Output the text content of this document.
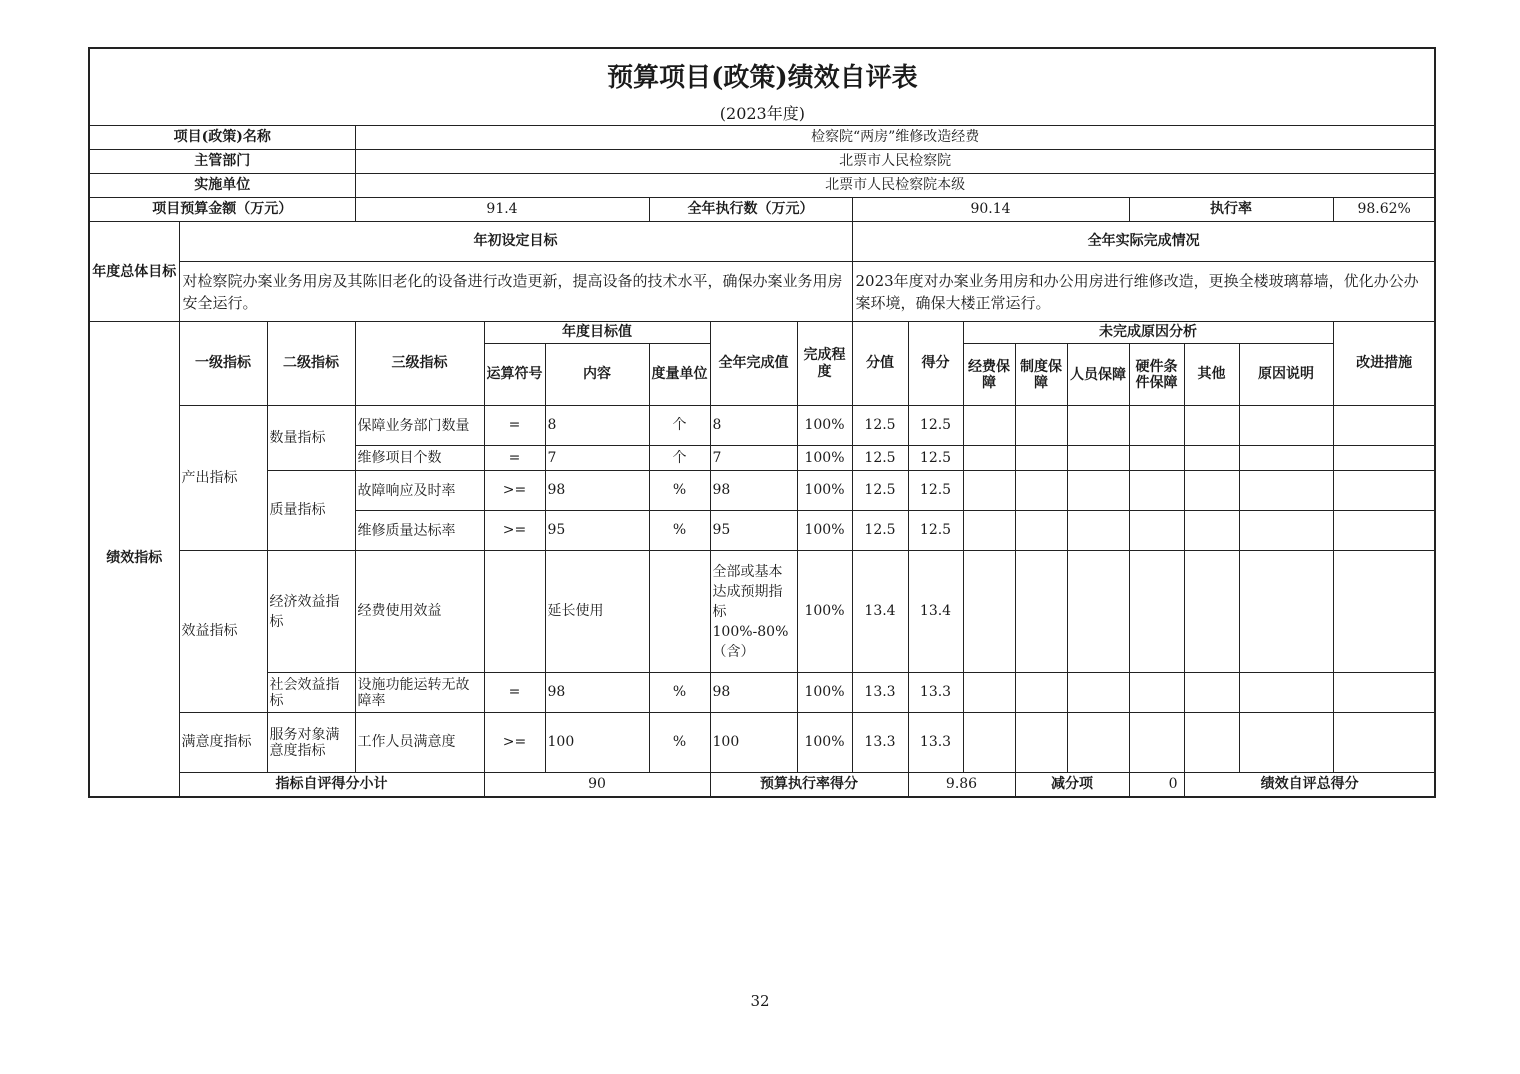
预算项目(政策)绩效自评表																		
(2023年度)																		
项目(政策)名称			检察院“两房”维修改造经费															
主管部门			北票市人民检察院															
实施单位			北票市人民检察院本级															
项目预算金额（万元）			91.4			全年执行数（万元）			90.14					执行率			98.62%	
年度总体目标	年初设定目标								全年实际完成情况									
	对检察院办案业务用房及其陈旧老化的设备进行改造更新，提高设备的技术水平，确保办案业务用房安全运行。								2023年度对办案业务用房和办公用房进行维修改造，更换全楼玻璃幕墙，优化办公办案环境，确保大楼正常运行。									
绩效指标	一级指标	二级指标	三级指标	年度目标值			全年完成值	完成程度	分值	得分	未完成原因分析						改进措施	
				运算符号	内容	度量单位					经费保障	制度保障	人员保障	硬件条件保障	其他	原因说明		
	产出指标	数量指标	保障业务部门数量	=	8	个	8	100%	12.5	12.5								
			维修项目个数	=	7	个	7	100%	12.5	12.5								
		质量指标	故障响应及时率	>=	98	%	98	100%	12.5	12.5								
			维修质量达标率	>=	95	%	95	100%	12.5	12.5								
	效益指标	经济效益指标	经费使用效益		延长使用		全部或基本达成预期指标100%-80%（含）	100%	13.4	13.4								
		社会效益指标	设施功能运转无故障率	=	98	%	98	100%	13.3	13.3								
	满意度指标	服务对象满意度指标	工作人员满意度	>=	100	%	100	100%	13.3	13.3								
	指标自评得分小计			90			预算执行率得分			9.86		减分项		0	绩效自评总得分	
32
